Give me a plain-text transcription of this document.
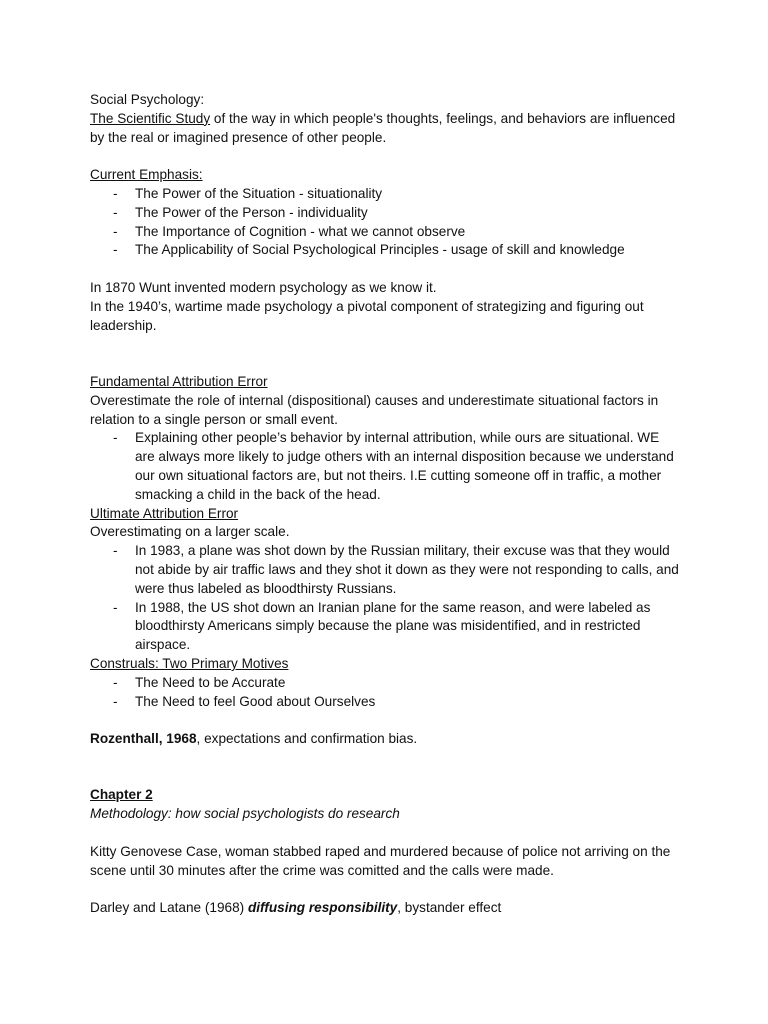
Social Psychology:

The Scientific Study of the way in which people's thoughts, feelings, and behaviors are influenced by the real or imagined presence of other people.

Current Emphasis:

- The Power of the Situation - situationality
- The Power of the Person - individuality
- The Importance of Cognition - what we cannot observe
- The Applicability of Social Psychological Principles - usage of skill and knowledge

In 1870 Wunt invented modern psychology as we know it.

In the 1940’s, wartime made psychology a pivotal component of strategizing and figuring out leadership.

Fundamental Attribution Error

Overestimate the role of internal (dispositional) causes and underestimate situational factors in relation to a single person or small event.

- Explaining other people’s behavior by internal attribution, while ours are situational. WE are always more likely to judge others with an internal disposition because we understand our own situational factors are, but not theirs. I.E cutting someone off in traffic, a mother smacking a child in the back of the head.

Ultimate Attribution Error

Overestimating on a larger scale.

- In 1983, a plane was shot down by the Russian military, their excuse was that they would not abide by air traffic laws and they shot it down as they were not responding to calls, and were thus labeled as bloodthirsty Russians.
- In 1988, the US shot down an Iranian plane for the same reason, and were labeled as bloodthirsty Americans simply because the plane was misidentified, and in restricted airspace.

Construals: Two Primary Motives

- The Need to be Accurate
- The Need to feel Good about Ourselves

Rozenthall, 1968, expectations and confirmation bias.

Chapter 2

Methodology: how social psychologists do research

Kitty Genovese Case, woman stabbed raped and murdered because of police not arriving on the scene until 30 minutes after the crime was comitted and the calls were made.

Darley and Latane (1968) diffusing responsibility, bystander effect
